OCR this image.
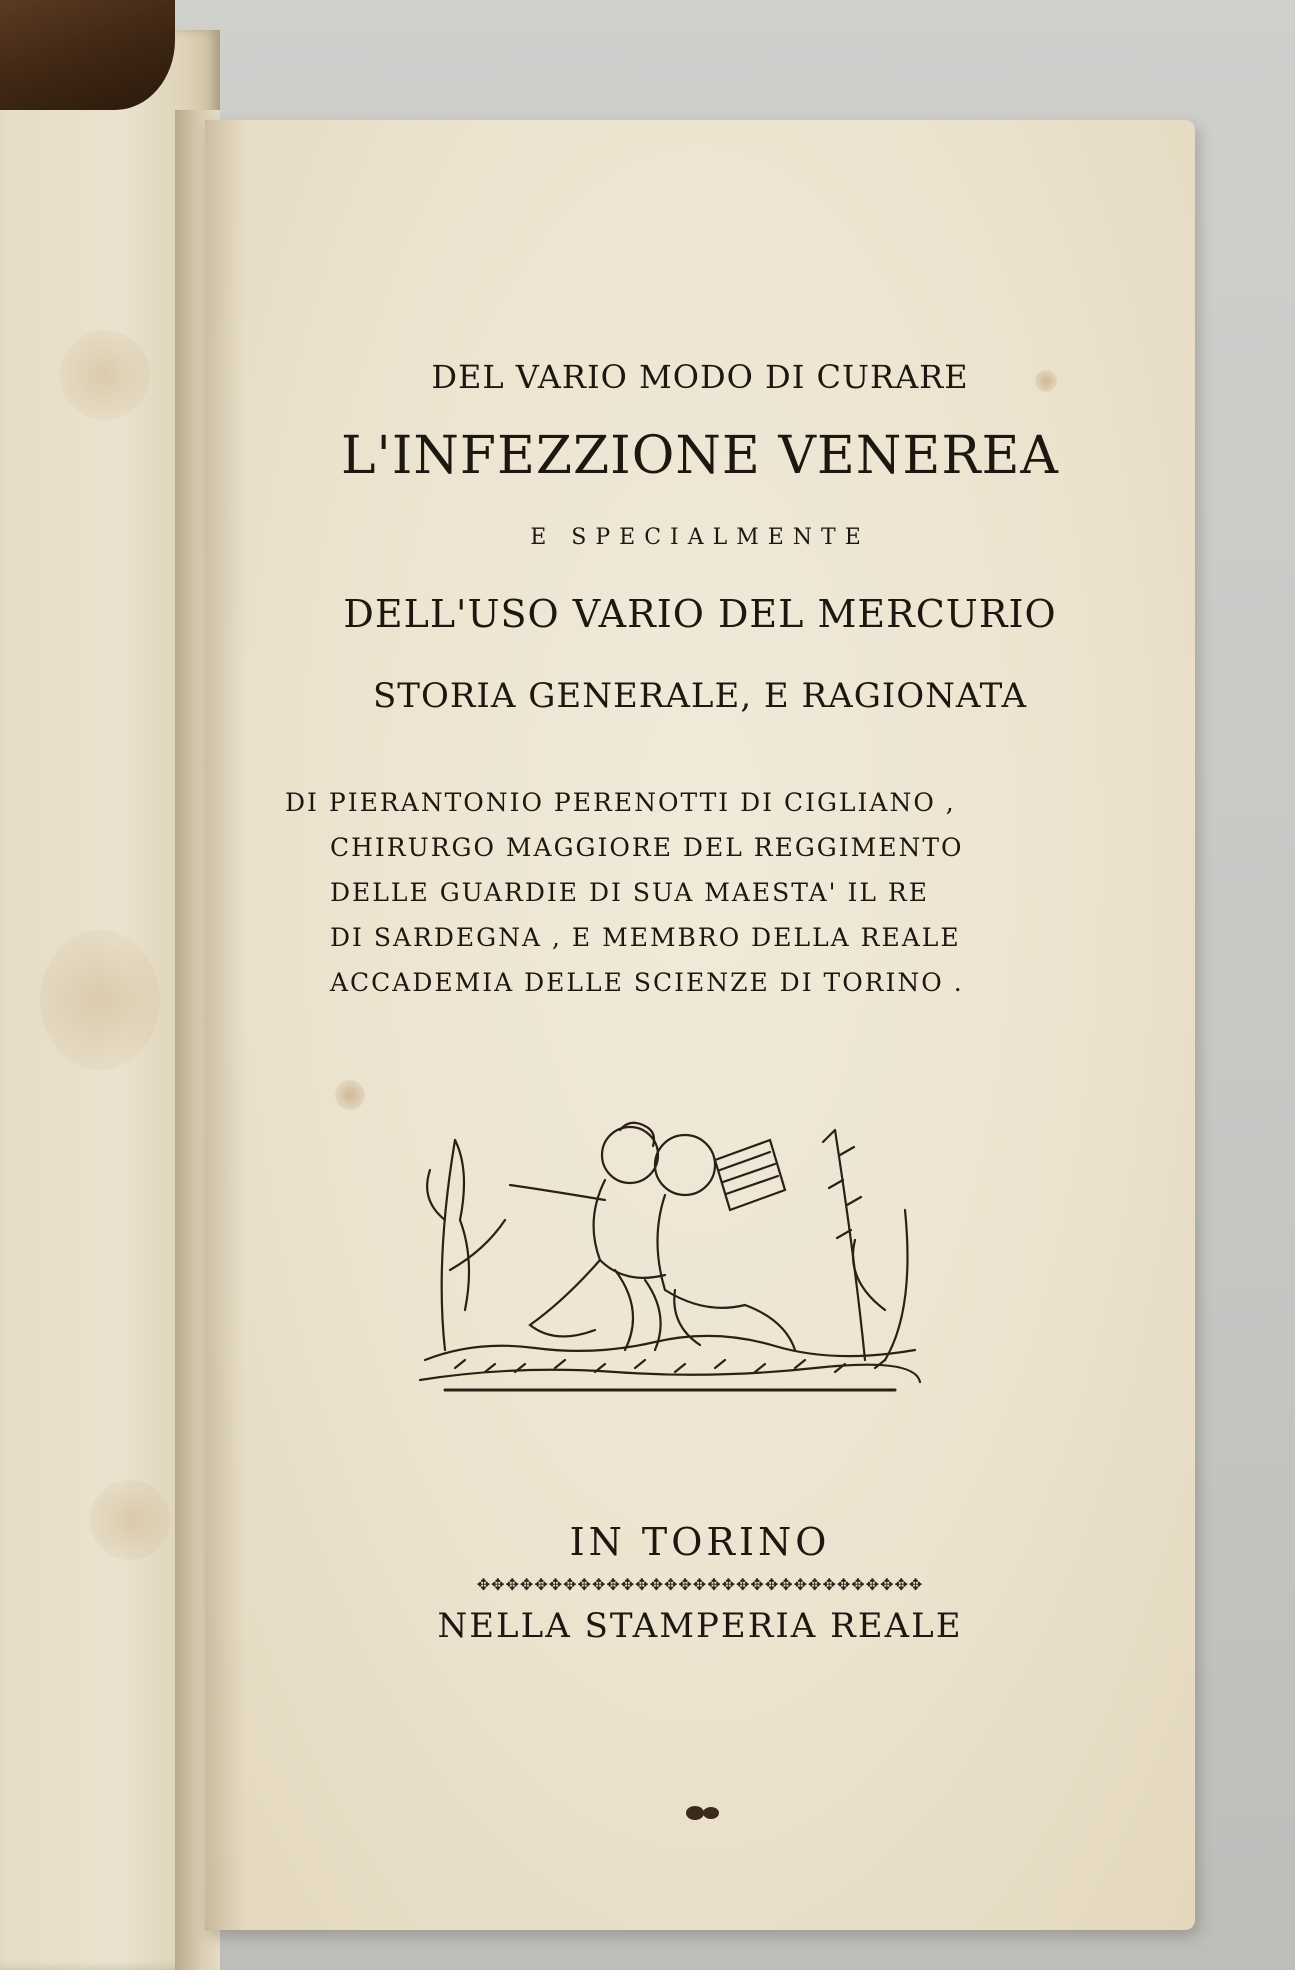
DEL VARIO MODO DI CURARE
L'INFEZZIONE VENEREA
E SPECIALMENTE
DELL'USO VARIO DEL MERCURIO
STORIA GENERALE, E RAGIONATA
DI PIERANTONIO PERENOTTI DI CIGLIANO ,
CHIRURGO MAGGIORE DEL REGGIMENTO
DELLE GUARDIE DI SUA MAESTA' IL RE
DI SARDEGNA , E MEMBRO DELLA REALE
ACCADEMIA DELLE SCIENZE DI TORINO .
IN TORINO
✥✥✥✥✥✥✥✥✥✥✥✥✥✥✥✥✥✥✥✥✥✥✥✥✥✥✥✥✥✥✥
NELLA STAMPERIA REALE
